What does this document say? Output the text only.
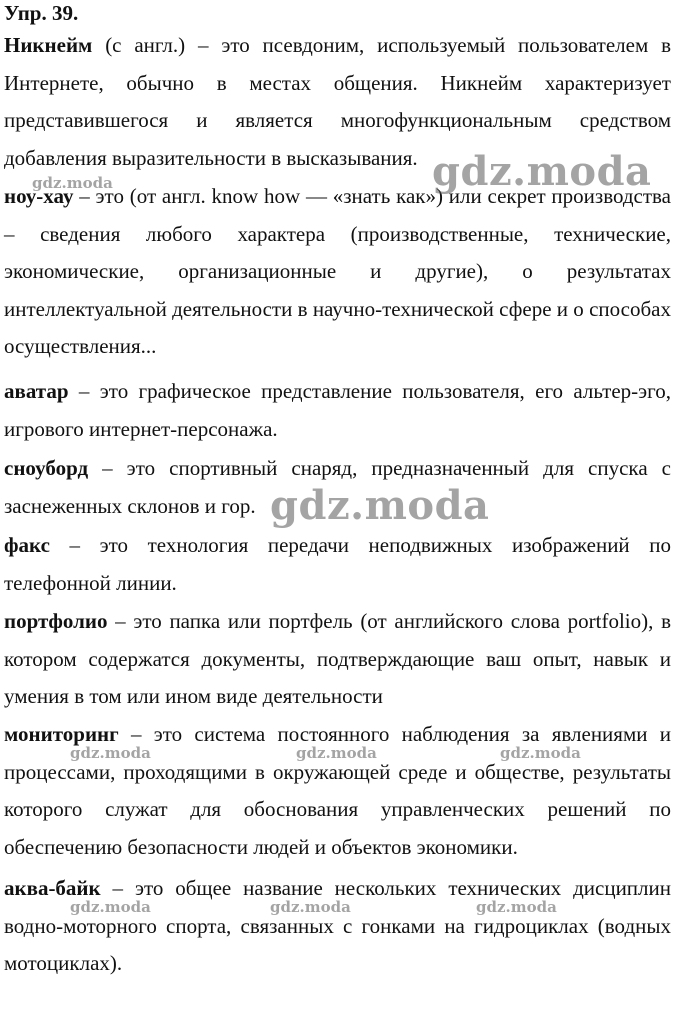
Упр. 39.
Никнейм (с англ.) – это псевдоним, используемый пользователем в Интернете, обычно в местах общения. Никнейм характеризует представившегося и является многофункциональным средством добавления выразительности в высказывания.
ноу-хау – это (от англ. know how — «знать как») или секрет производства – сведения любого характера (производственные, технические, экономические, организационные и другие), о результатах интеллектуальной деятельности в научно-технической сфере и о способах осуществления...
аватар – это графическое представление пользователя, его альтер-эго, игрового интернет-персонажа.
сноуборд – это спортивный снаряд, предназначенный для спуска с заснеженных склонов и гор.
факс – это технология передачи неподвижных изображений по телефонной линии.
портфолио – это папка или портфель (от английского слова portfolio), в котором содержатся документы, подтверждающие ваш опыт, навык и умения в том или ином виде деятельности
мониторинг – это система постоянного наблюдения за явлениями и процессами, проходящими в окружающей среде и обществе, результаты которого служат для обоснования управленческих решений по обеспечению безопасности людей и объектов экономики.
аква-байк – это общее название нескольких технических дисциплин водно-моторного спорта, связанных с гонками на гидроциклах (водных мотоциклах).
gdz.moda
gdz.moda
gdz.moda
gdz.moda	gdz.moda	gdz.moda
gdz.moda	gdz.moda	gdz.moda
